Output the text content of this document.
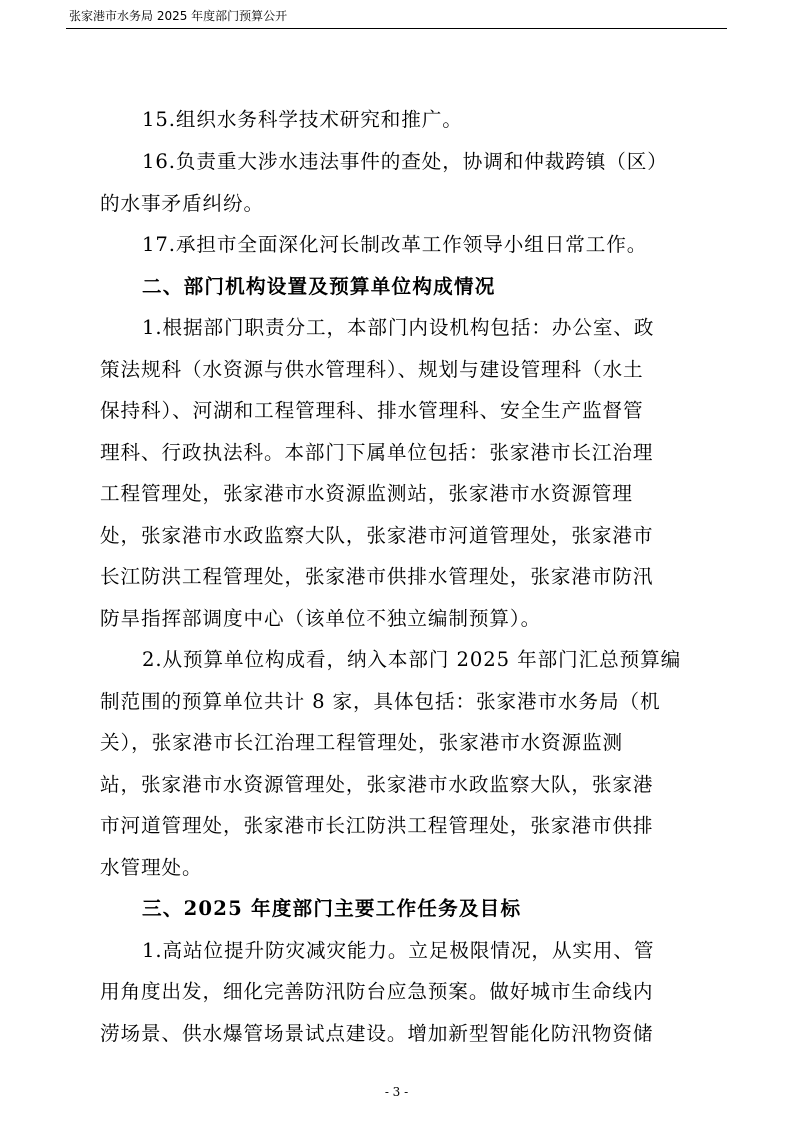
张家港市水务局 2025 年度部门预算公开
15.组织水务科学技术研究和推广。
16.负责重大涉水违法事件的查处，协调和仲裁跨镇（区）
的水事矛盾纠纷。
17.承担市全面深化河长制改革工作领导小组日常工作。
二、部门机构设置及预算单位构成情况
1.根据部门职责分工，本部门内设机构包括：办公室、政
策法规科（水资源与供水管理科）、规划与建设管理科（水土
保持科）、河湖和工程管理科、排水管理科、安全生产监督管
理科、行政执法科。本部门下属单位包括：张家港市长江治理
工程管理处，张家港市水资源监测站，张家港市水资源管理
处，张家港市水政监察大队，张家港市河道管理处，张家港市
长江防洪工程管理处，张家港市供排水管理处，张家港市防汛
防旱指挥部调度中心（该单位不独立编制预算）。
2.从预算单位构成看，纳入本部门 2025 年部门汇总预算编
制范围的预算单位共计 8 家，具体包括：张家港市水务局（机
关），张家港市长江治理工程管理处，张家港市水资源监测
站，张家港市水资源管理处，张家港市水政监察大队，张家港
市河道管理处，张家港市长江防洪工程管理处，张家港市供排
水管理处。
三、2025 年度部门主要工作任务及目标
1.高站位提升防灾减灾能力。立足极限情况，从实用、管
用角度出发，细化完善防汛防台应急预案。做好城市生命线内
涝场景、供水爆管场景试点建设。增加新型智能化防汛物资储
- 3 -
